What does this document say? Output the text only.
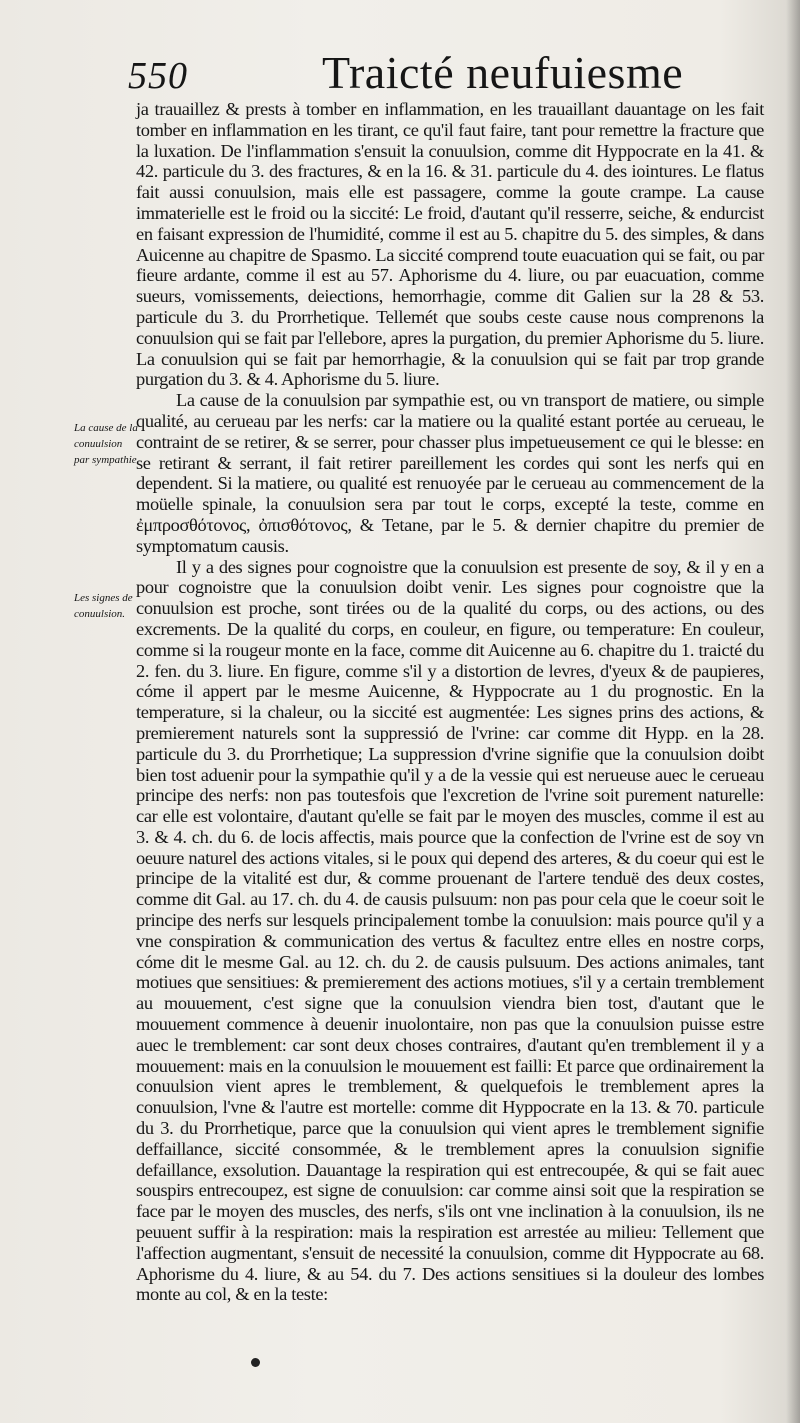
550	Traicté neufuiesme
La cause de la conuulsion par sympathie.
Les signes de conuulsion.

ja trauaillez & prests à tomber en inflammation, en les trauaillant dauantage on les fait tomber en inflammation en les tirant, ce qu'il faut faire, tant pour remettre la fracture que la luxation. De l'inflammation s'ensuit la conuulsion, comme dit Hyppocrate en la 41. & 42. particule du 3. des fractures, & en la 16. & 31. particule du 4. des iointures. Le flatus fait aussi conuulsion, mais elle est passagere, comme la goute crampe. La cause immaterielle est le froid ou la siccité: Le froid, d'autant qu'il resserre, seiche, & endurcist en faisant expression de l'humidité, comme il est au 5. chapitre du 5. des simples, & dans Auicenne au chapitre de Spasmo. La siccité comprend toute euacuation qui se fait, ou par fieure ardante, comme il est au 57. Aphorisme du 4. liure, ou par euacuation, comme sueurs, vomissements, deiections, hemorrhagie, comme dit Galien sur la 28 & 53. particule du 3. du Prorrhetique. Tellemét que soubs ceste cause nous comprenons la conuulsion qui se fait par l'ellebore, apres la purgation, du premier Aphorisme du 5. liure. La conuulsion qui se fait par hemorrhagie, & la conuulsion qui se fait par trop grande purgation du 3. & 4. Aphorisme du 5. liure.

La cause de la conuulsion par sympathie est, ou vn transport de matiere, ou simple qualité, au cerueau par les nerfs: car la matiere ou la qualité estant portée au cerueau, le contraint de se retirer, & se serrer, pour chasser plus impetueusement ce qui le blesse: en se retirant & serrant, il fait retirer pareillement les cordes qui sont les nerfs qui en dependent. Si la matiere, ou qualité est renuoyée par le cerueau au commencement de la moüelle spinale, la conuulsion sera par tout le corps, excepté la teste, comme en ἐμπροσθότονος, ὀπισθότονος, & Tetane, par le 5. & dernier chapitre du premier de symptomatum causis.

Il y a des signes pour cognoistre que la conuulsion est presente de soy, & il y en a pour cognoistre que la conuulsion doibt venir. Les signes pour cognoistre que la conuulsion est proche, sont tirées ou de la qualité du corps, ou des actions, ou des excrements. De la qualité du corps, en couleur, en figure, ou temperature: En couleur, comme si la rougeur monte en la face, comme dit Auicenne au 6. chapitre du 1. traicté du 2. fen. du 3. liure. En figure, comme s'il y a distortion de levres, d'yeux & de paupieres, cóme il appert par le mesme Auicenne, & Hyppocrate au 1 du prognostic. En la temperature, si la chaleur, ou la siccité est augmentée: Les signes prins des actions, & premierement naturels sont la suppressió de l'vrine: car comme dit Hypp. en la 28. particule du 3. du Prorrhetique; La suppression d'vrine signifie que la conuulsion doibt bien tost aduenir pour la sympathie qu'il y a de la vessie qui est nerueuse auec le cerueau principe des nerfs: non pas toutesfois que l'excretion de l'vrine soit purement naturelle: car elle est volontaire, d'autant qu'elle se fait par le moyen des muscles, comme il est au 3. & 4. ch. du 6. de locis affectis, mais pource que la confection de l'vrine est de soy vn oeuure naturel des actions vitales, si le poux qui depend des arteres, & du coeur qui est le principe de la vitalité est dur, & comme prouenant de l'artere tenduë des deux costes, comme dit Gal. au 17. ch. du 4. de causis pulsuum: non pas pour cela que le coeur soit le principe des nerfs sur lesquels principalement tombe la conuulsion: mais pource qu'il y a vne conspiration & communication des vertus & facultez entre elles en nostre corps, cóme dit le mesme Gal. au 12. ch. du 2. de causis pulsuum. Des actions animales, tant motiues que sensitiues: & premierement des actions motiues, s'il y a certain tremblement au mouuement, c'est signe que la conuulsion viendra bien tost, d'autant que le mouuement commence à deuenir inuolontaire, non pas que la conuulsion puisse estre auec le tremblement: car sont deux choses contraires, d'autant qu'en tremblement il y a mouuement: mais en la conuulsion le mouuement est failli: Et parce que ordinairement la conuulsion vient apres le tremblement, & quelquefois le tremblement apres la conuulsion, l'vne & l'autre est mortelle: comme dit Hyppocrate en la 13. & 70. particule du 3. du Prorrhetique, parce que la conuulsion qui vient apres le tremblement signifie deffaillance, siccité consommée, & le tremblement apres la conuulsion signifie defaillance, exsolution. Dauantage la respiration qui est entrecoupée, & qui se fait auec souspirs entrecoupez, est signe de conuulsion: car comme ainsi soit que la respiration se face par le moyen des muscles, des nerfs, s'ils ont vne inclination à la conuulsion, ils ne peuuent suffir à la respiration: mais la respiration est arrestée au milieu: Tellement que l'affection augmentant, s'ensuit de necessité la conuulsion, comme dit Hyppocrate au 68. Aphorisme du 4. liure, & au 54. du 7. Des actions sensitiues si la douleur des lombes monte au col, & en la teste:
